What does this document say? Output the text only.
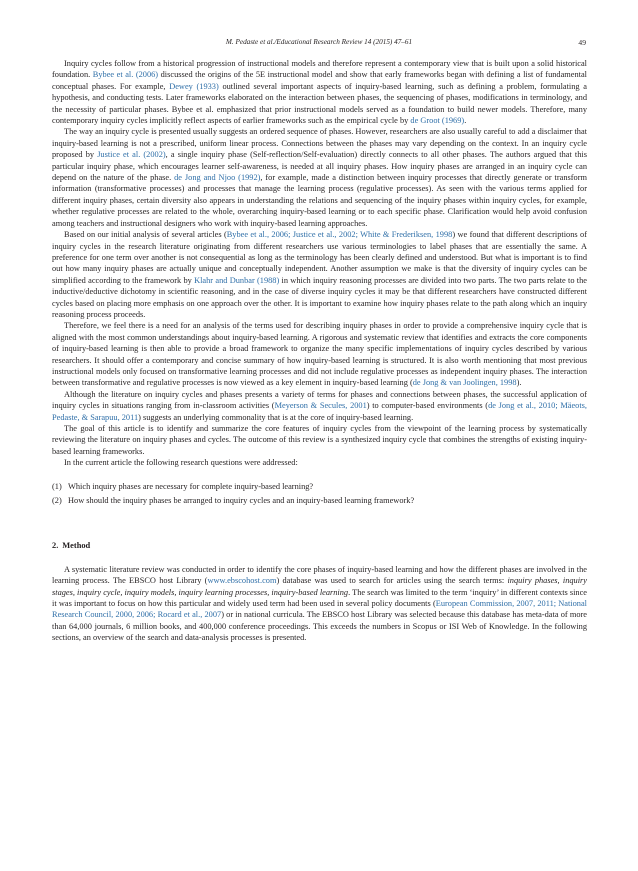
M. Pedaste et al./Educational Research Review 14 (2015) 47–61	49

Inquiry cycles follow from a historical progression of instructional models and therefore represent a contemporary view that is built upon a solid historical foundation. Bybee et al. (2006) discussed the origins of the 5E instructional model and show that early frameworks began with defining a list of fundamental conceptual phases. For example, Dewey (1933) outlined several important aspects of inquiry-based learning, such as defining a problem, formulating a hypothesis, and conducting tests. Later frameworks elaborated on the interaction between phases, the sequencing of phases, modifications in terminology, and the necessity of particular phases. Bybee et al. emphasized that prior instructional models served as a foundation to build newer models. Therefore, many contemporary inquiry cycles implicitly reflect aspects of earlier frameworks such as the empirical cycle by de Groot (1969).

The way an inquiry cycle is presented usually suggests an ordered sequence of phases. However, researchers are also usually careful to add a disclaimer that inquiry-based learning is not a prescribed, uniform linear process. Connections between the phases may vary depending on the context. In an inquiry cycle proposed by Justice et al. (2002), a single inquiry phase (Self-reflection/Self-evaluation) directly connects to all other phases. The authors argued that this particular inquiry phase, which encourages learner self-awareness, is needed at all inquiry phases. How inquiry phases are arranged in an inquiry cycle can depend on the nature of the phase. de Jong and Njoo (1992), for example, made a distinction between inquiry processes that directly generate or transform information (transformative processes) and processes that manage the learning process (regulative processes). As seen with the various terms applied for different inquiry phases, certain diversity also appears in understanding the relations and sequencing of the inquiry phases within inquiry cycles, for example, whether regulative processes are related to the whole, overarching inquiry-based learning or to each specific phase. Clarification would help avoid confusion among teachers and instructional designers who work with inquiry-based learning approaches.

Based on our initial analysis of several articles (Bybee et al., 2006; Justice et al., 2002; White & Frederiksen, 1998) we found that different descriptions of inquiry cycles in the research literature originating from different researchers use various terminologies to label phases that are essentially the same. A preference for one term over another is not consequential as long as the terminology has been clearly defined and understood. But what is important is to find out how many inquiry phases are actually unique and conceptually independent. Another assumption we make is that the diversity of inquiry cycles can be simplified according to the framework by Klahr and Dunbar (1988) in which inquiry reasoning processes are divided into two parts. The two parts relate to the inductive/deductive dichotomy in scientific reasoning, and in the case of diverse inquiry cycles it may be that different researchers have constructed different cycles based on placing more emphasis on one approach over the other. It is important to examine how inquiry phases relate to the path along which an inquiry reasoning process proceeds.

Therefore, we feel there is a need for an analysis of the terms used for describing inquiry phases in order to provide a comprehensive inquiry cycle that is aligned with the most common understandings about inquiry-based learning. A rigorous and systematic review that identifies and extracts the core components of inquiry-based learning is then able to provide a broad framework to organize the many specific implementations of inquiry cycles described by various researchers. It should offer a contemporary and concise summary of how inquiry-based learning is structured. It is also worth mentioning that most previous instructional models only focused on transformative learning processes and did not include regulative processes as independent inquiry phases. The interaction between transformative and regulative processes is now viewed as a key element in inquiry-based learning (de Jong & van Joolingen, 1998).

Although the literature on inquiry cycles and phases presents a variety of terms for phases and connections between phases, the successful application of inquiry cycles in situations ranging from in-classroom activities (Meyerson & Secules, 2001) to computer-based environments (de Jong et al., 2010; Mäeots, Pedaste, & Sarapuu, 2011) suggests an underlying commonality that is at the core of inquiry-based learning.

The goal of this article is to identify and summarize the core features of inquiry cycles from the viewpoint of the learning process by systematically reviewing the literature on inquiry phases and cycles. The outcome of this review is a synthesized inquiry cycle that combines the strengths of existing inquiry-based learning frameworks.

In the current article the following research questions were addressed:

(1) Which inquiry phases are necessary for complete inquiry-based learning?
(2) How should the inquiry phases be arranged to inquiry cycles and an inquiry-based learning framework?
2. Method

A systematic literature review was conducted in order to identify the core phases of inquiry-based learning and how the different phases are involved in the learning process. The EBSCO host Library (www.ebscohost.com) database was used to search for articles using the search terms: inquiry phases, inquiry stages, inquiry cycle, inquiry models, inquiry learning processes, inquiry-based learning. The search was limited to the term ‘inquiry’ in different contexts since it was important to focus on how this particular and widely used term had been used in several policy documents (European Commission, 2007, 2011; National Research Council, 2000, 2006; Rocard et al., 2007) or in national curricula. The EBSCO host Library was selected because this database has meta-data of more than 64,000 journals, 6 million books, and 400,000 conference proceedings. This exceeds the numbers in Scopus or ISI Web of Knowledge. In the following sections, an overview of the search and data-analysis processes is presented.
